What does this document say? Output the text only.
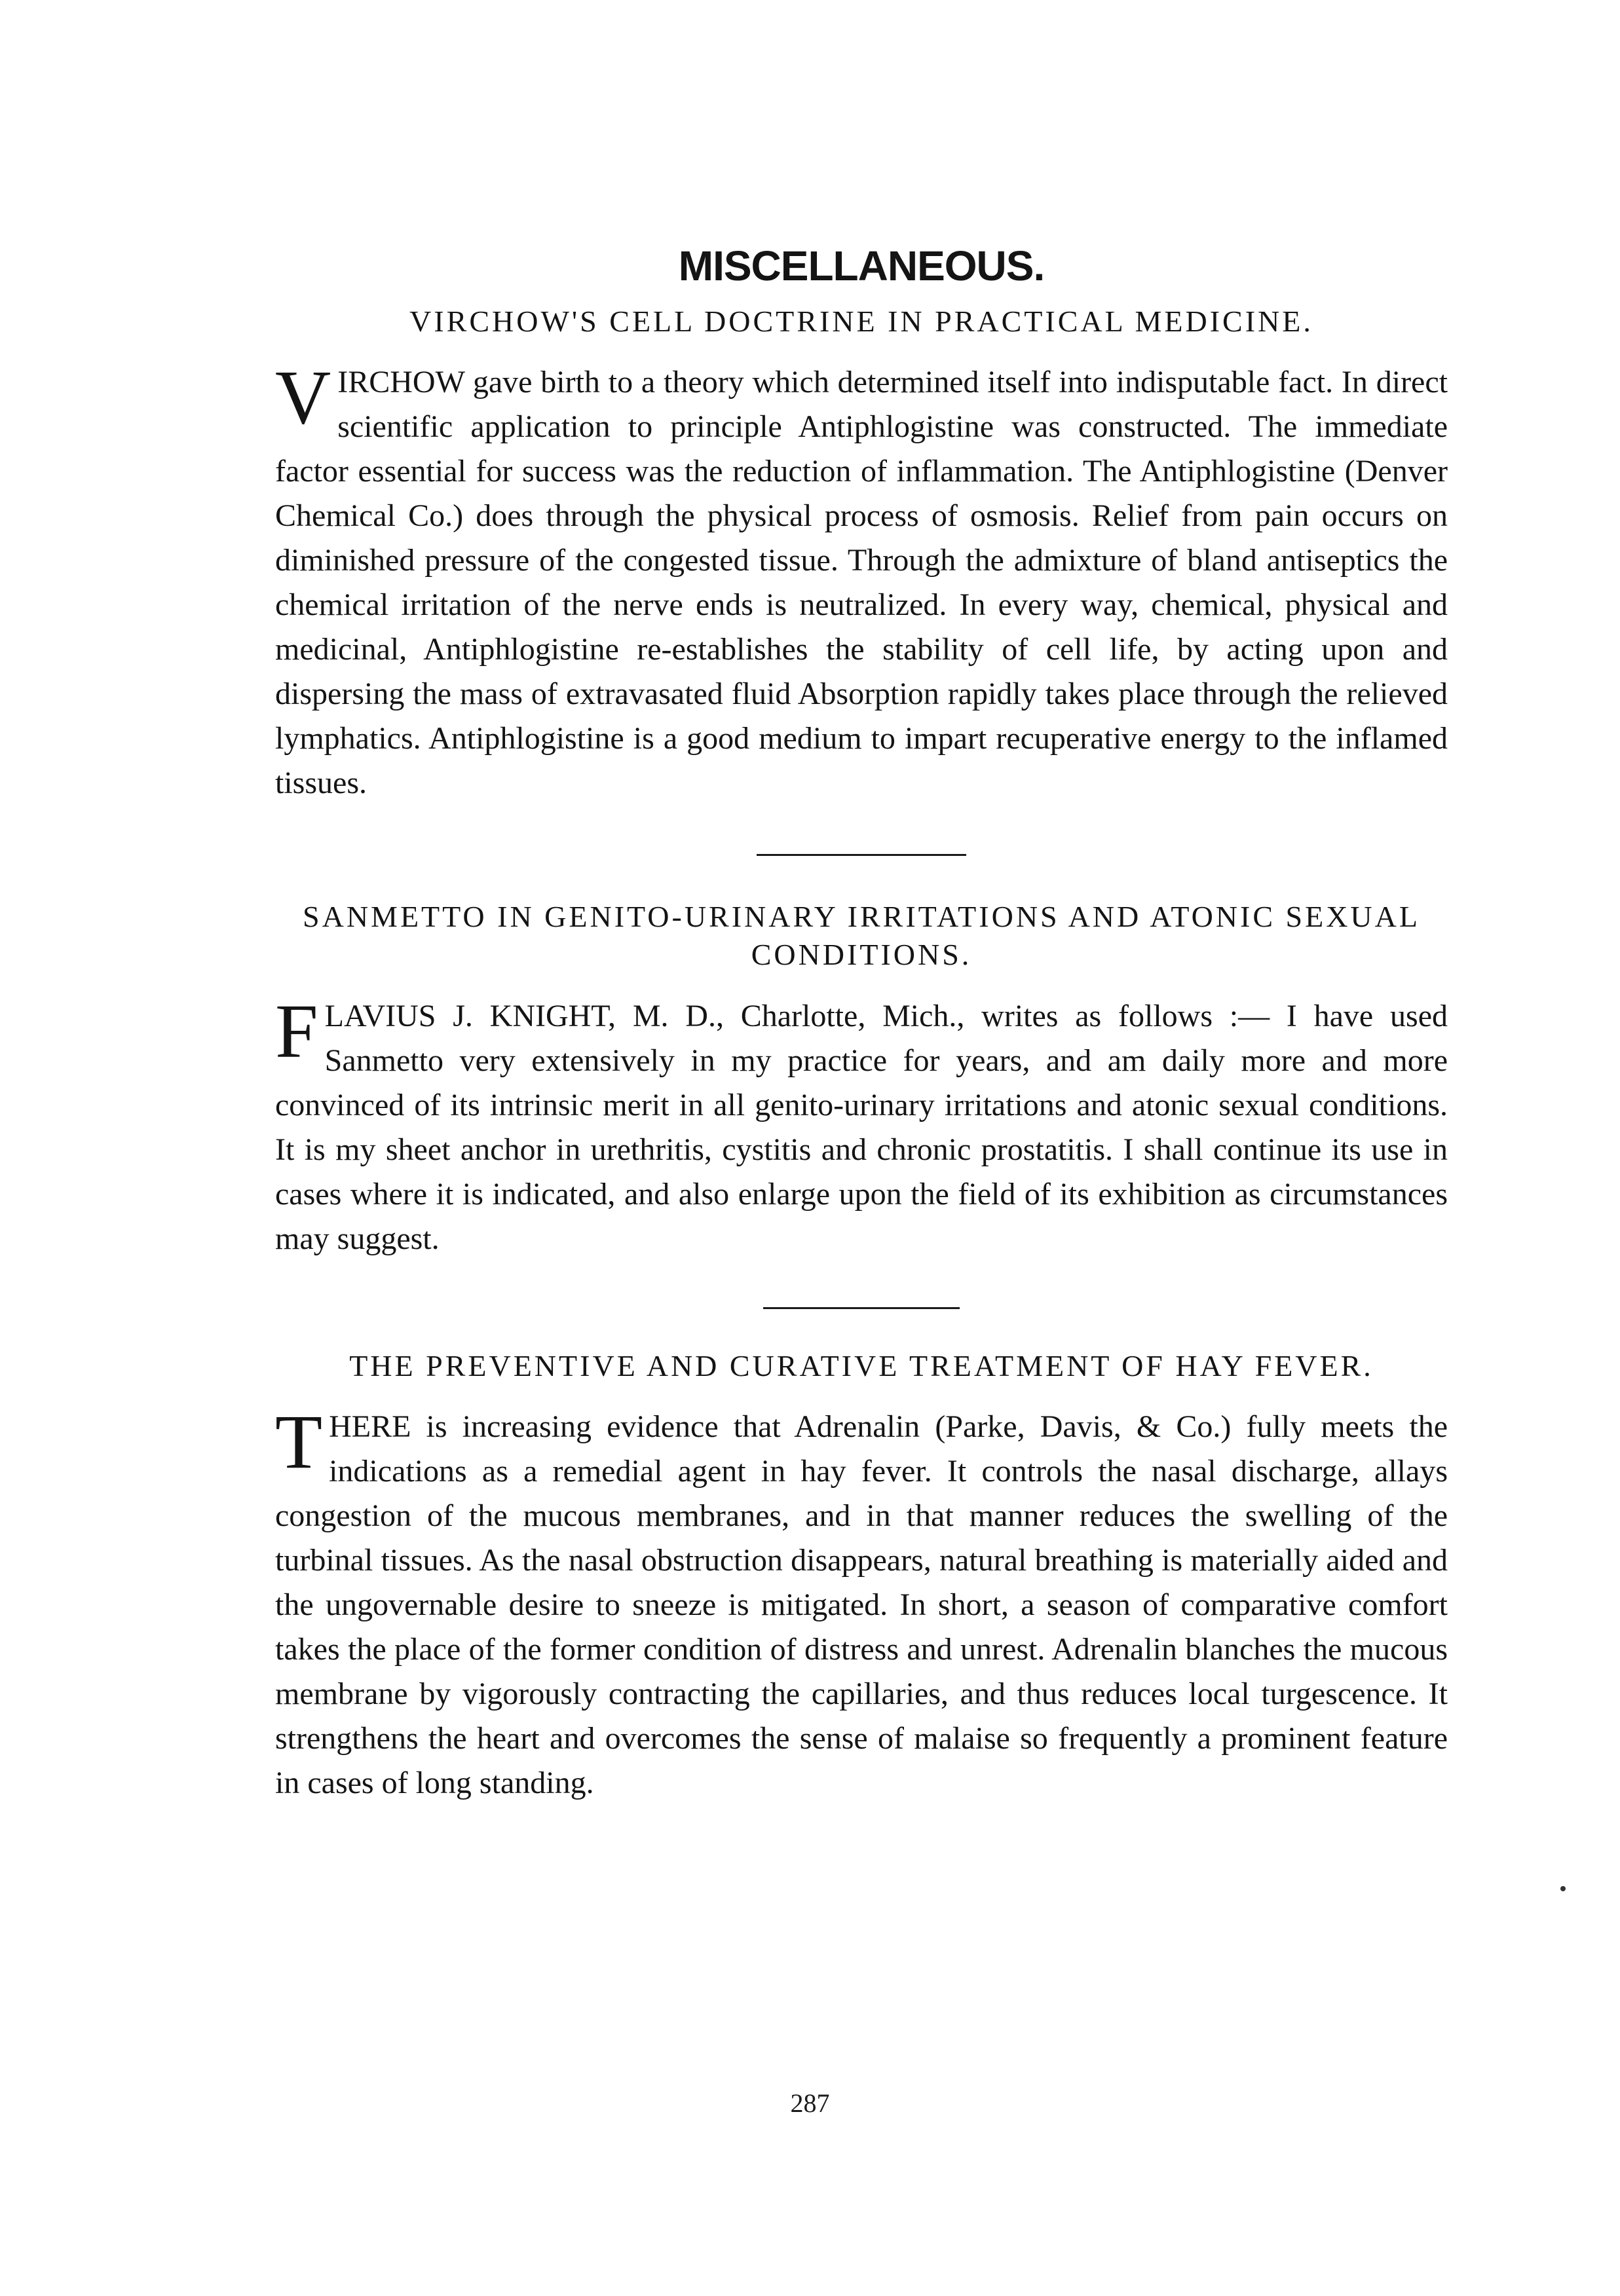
MISCELLANEOUS.
VIRCHOW'S CELL DOCTRINE IN PRACTICAL MEDICINE.

VIRCHOW gave birth to a theory which determined itself into indisputable fact. In direct scientific application to principle Antiphlogistine was constructed. The immediate factor essential for success was the reduction of inflammation. The Antiphlogistine (Denver Chemical Co.) does through the physical process of osmosis. Relief from pain occurs on diminished pressure of the congested tissue. Through the admixture of bland antiseptics the chemical irritation of the nerve ends is neutralized. In every way, chemical, physical and medicinal, Antiphlogistine re-establishes the stability of cell life, by acting upon and dispersing the mass of extravasated fluid Absorption rapidly takes place through the relieved lymphatics. Antiphlogistine is a good medium to impart recuperative energy to the inflamed tissues.

SANMETTO IN GENITO-URINARY IRRITATIONS AND ATONIC SEXUAL CONDITIONS.

FLAVIUS J. KNIGHT, M. D., Charlotte, Mich., writes as follows :— I have used Sanmetto very extensively in my practice for years, and am daily more and more convinced of its intrinsic merit in all genito-urinary irritations and atonic sexual conditions. It is my sheet anchor in urethritis, cystitis and chronic prostatitis. I shall continue its use in cases where it is indicated, and also enlarge upon the field of its exhibition as circumstances may suggest.

THE PREVENTIVE AND CURATIVE TREATMENT OF HAY FEVER.

THERE is increasing evidence that Adrenalin (Parke, Davis, & Co.) fully meets the indications as a remedial agent in hay fever. It controls the nasal discharge, allays congestion of the mucous membranes, and in that manner reduces the swelling of the turbinal tissues. As the nasal obstruction disappears, natural breathing is materially aided and the ungovernable desire to sneeze is mitigated. In short, a season of comparative comfort takes the place of the former condition of distress and unrest. Adrenalin blanches the mucous membrane by vigorously contracting the capillaries, and thus reduces local turgescence. It strengthens the heart and overcomes the sense of malaise so frequently a prominent feature in cases of long standing.

287
